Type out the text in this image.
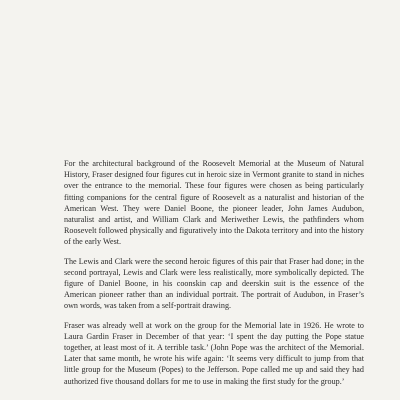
For the architectural background of the Roosevelt Memorial at the Museum of Natural History, Fraser designed four figures cut in heroic size in Vermont granite to stand in niches over the entrance to the memorial. These four figures were chosen as being particularly fitting companions for the central figure of Roosevelt as a naturalist and historian of the American West. They were Daniel Boone, the pioneer leader, John James Audubon, naturalist and artist, and William Clark and Meriwether Lewis, the pathfinders whom Roosevelt followed physically and figuratively into the Dakota territory and into the history of the early West.

The Lewis and Clark were the second heroic figures of this pair that Fraser had done; in the second portrayal, Lewis and Clark were less realistically, more symbolically depicted. The figure of Daniel Boone, in his coonskin cap and deerskin suit is the essence of the American pioneer rather than an individual portrait. The portrait of Audubon, in Fraser’s own words, was taken from a self-portrait drawing.

Fraser was already well at work on the group for the Memorial late in 1926. He wrote to Laura Gardin Fraser in December of that year: ‘I spent the day putting the Pope statue together, at least most of it. A terrible task.’ (John Pope was the architect of the Memorial. Later that same month, he wrote his wife again: ‘It seems very difficult to jump from that little group for the Museum (Popes) to the Jefferson. Pope called me up and said they had authorized five thousand dollars for me to use in making the first study for the group.’
